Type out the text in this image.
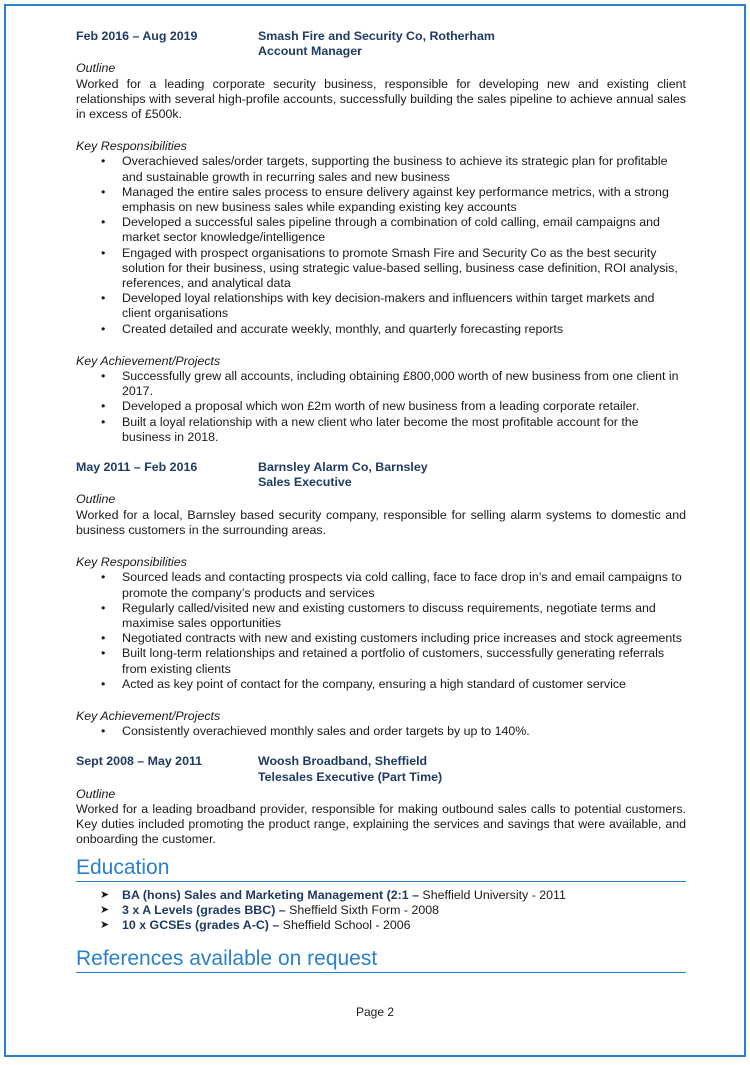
Feb 2016 – Aug 2019	Smash Fire and Security Co, Rotherham
Account Manager
Outline
Worked for a leading corporate security business, responsible for developing new and existing client relationships with several high-profile accounts, successfully building the sales pipeline to achieve annual sales in excess of £500k.
Key Responsibilities
• Overachieved sales/order targets, supporting the business to achieve its strategic plan for profitable and sustainable growth in recurring sales and new business
• Managed the entire sales process to ensure delivery against key performance metrics, with a strong emphasis on new business sales while expanding existing key accounts
• Developed a successful sales pipeline through a combination of cold calling, email campaigns and market sector knowledge/intelligence
• Engaged with prospect organisations to promote Smash Fire and Security Co as the best security solution for their business, using strategic value-based selling, business case definition, ROI analysis, references, and analytical data
• Developed loyal relationships with key decision-makers and influencers within target markets and client organisations
• Created detailed and accurate weekly, monthly, and quarterly forecasting reports
Key Achievement/Projects
• Successfully grew all accounts, including obtaining £800,000 worth of new business from one client in 2017.
• Developed a proposal which won £2m worth of new business from a leading corporate retailer.
• Built a loyal relationship with a new client who later become the most profitable account for the business in 2018.
May 2011 – Feb 2016	Barnsley Alarm Co, Barnsley
Sales Executive
Outline
Worked for a local, Barnsley based security company, responsible for selling alarm systems to domestic and business customers in the surrounding areas.
Key Responsibilities
• Sourced leads and contacting prospects via cold calling, face to face drop in’s and email campaigns to promote the company’s products and services
• Regularly called/visited new and existing customers to discuss requirements, negotiate terms and maximise sales opportunities
• Negotiated contracts with new and existing customers including price increases and stock agreements
• Built long-term relationships and retained a portfolio of customers, successfully generating referrals from existing clients
• Acted as key point of contact for the company, ensuring a high standard of customer service
Key Achievement/Projects
• Consistently overachieved monthly sales and order targets by up to 140%.
Sept 2008 – May 2011	Woosh Broadband, Sheffield
Telesales Executive (Part Time)
Outline
Worked for a leading broadband provider, responsible for making outbound sales calls to potential customers. Key duties included promoting the product range, explaining the services and savings that were available, and onboarding the customer.
Education
➤ BA (hons) Sales and Marketing Management (2:1 – Sheffield University - 2011
➤ 3 x A Levels (grades BBC) – Sheffield Sixth Form - 2008
➤ 10 x GCSEs (grades A-C) – Sheffield School - 2006
References available on request
Page 2
